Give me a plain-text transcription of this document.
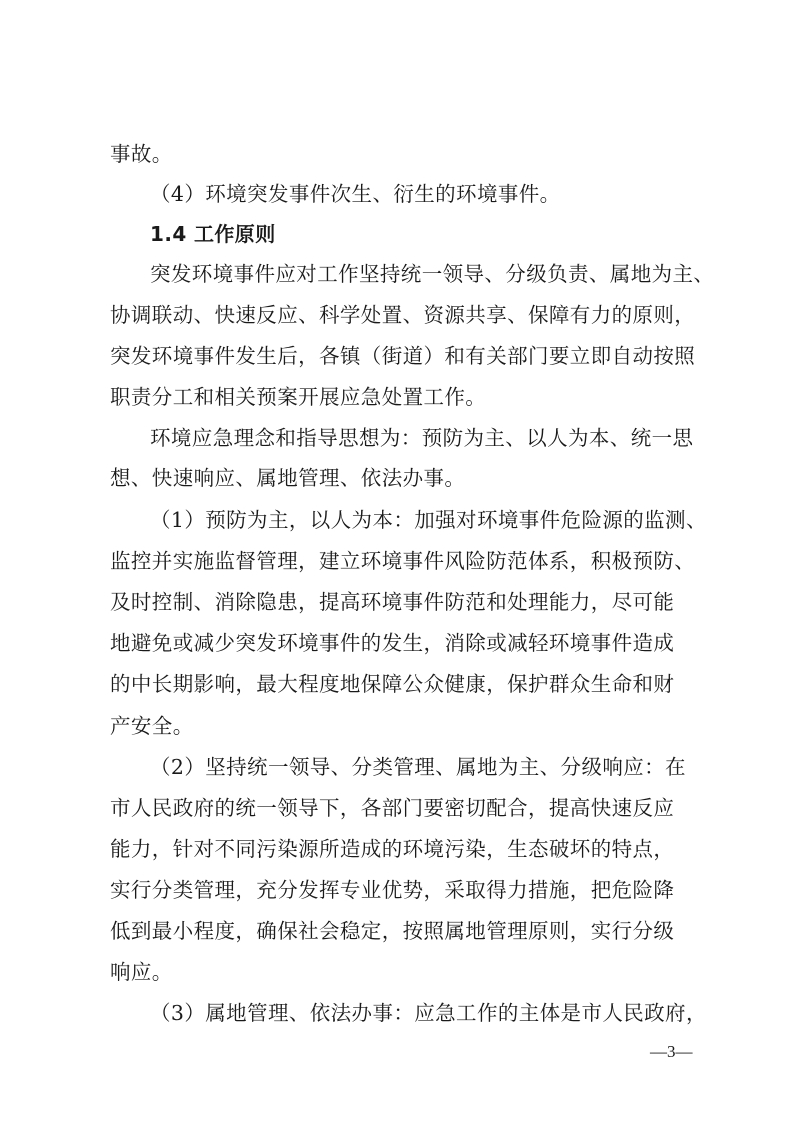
事故。
（4）环境突发事件次生、衍生的环境事件。
1.4 工作原则
突发环境事件应对工作坚持统一领导、分级负责、属地为主、
协调联动、快速反应、科学处置、资源共享、保障有力的原则，
突发环境事件发生后，各镇（街道）和有关部门要立即自动按照
职责分工和相关预案开展应急处置工作。
环境应急理念和指导思想为：预防为主、以人为本、统一思
想、快速响应、属地管理、依法办事。
（1）预防为主，以人为本：加强对环境事件危险源的监测、
监控并实施监督管理，建立环境事件风险防范体系，积极预防、
及时控制、消除隐患，提高环境事件防范和处理能力，尽可能
地避免或减少突发环境事件的发生，消除或减轻环境事件造成
的中长期影响，最大程度地保障公众健康，保护群众生命和财
产安全。
（2）坚持统一领导、分类管理、属地为主、分级响应：在
市人民政府的统一领导下，各部门要密切配合，提高快速反应
能力，针对不同污染源所造成的环境污染，生态破坏的特点，
实行分类管理，充分发挥专业优势，采取得力措施，把危险降
低到最小程度，确保社会稳定，按照属地管理原则，实行分级
响应。
（3）属地管理、依法办事：应急工作的主体是市人民政府，
—3—
